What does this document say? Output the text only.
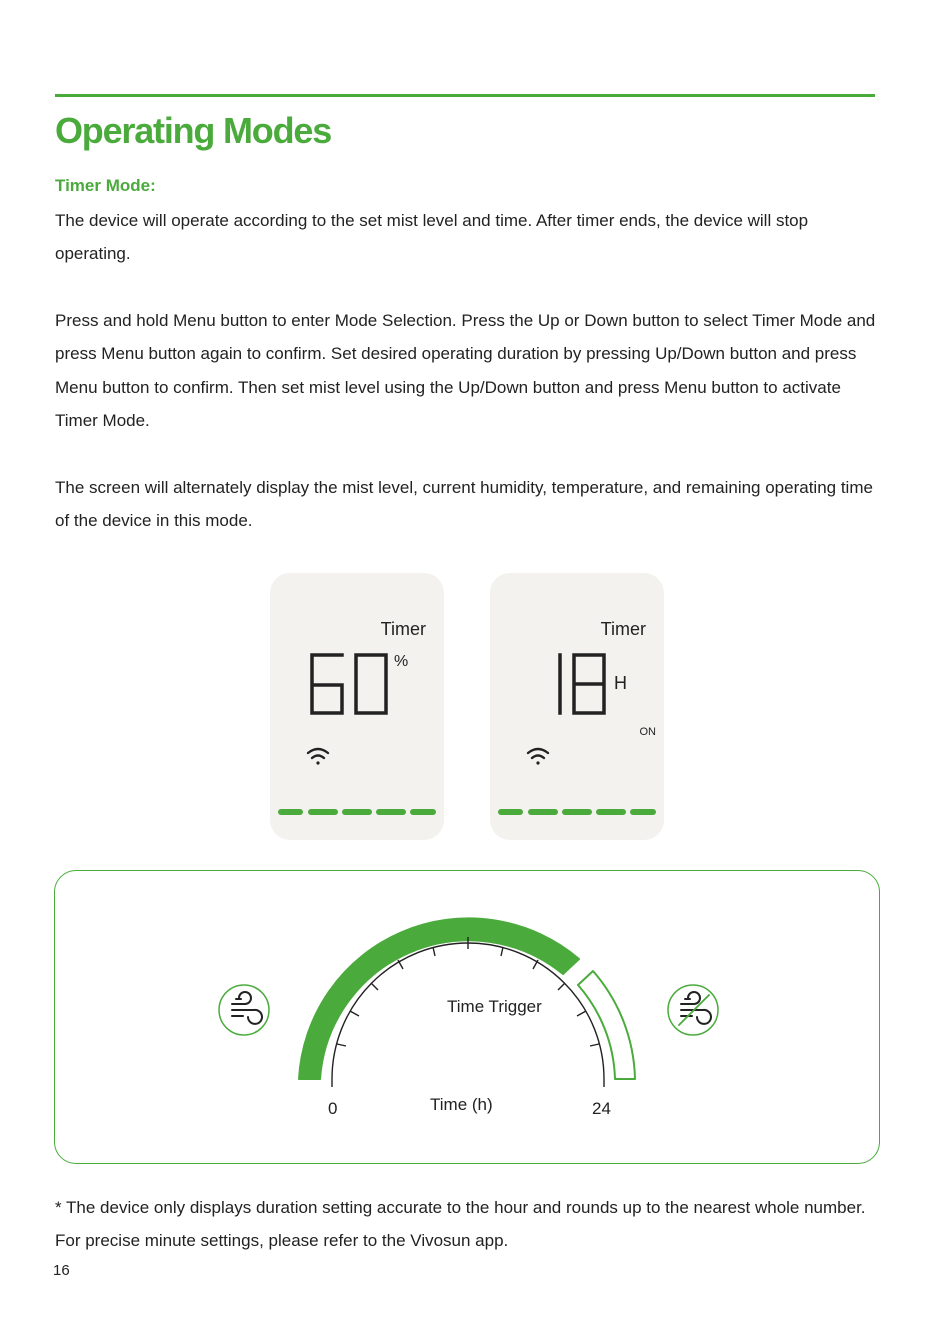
Operating Modes
Timer Mode:

The device will operate according to the set mist level and time. After timer ends, the device will stop operating.

Press and hold Menu button to enter Mode Selection. Press the Up or Down button to select Timer Mode and press Menu button again to confirm. Set desired operating duration by pressing Up/Down button and press Menu button to confirm. Then set mist level using the Up/Down button and press Menu button to activate Timer Mode.

The screen will alternately display the mist level, current humidity, temperature, and remaining operating time of the device in this mode.

Timer
%
Timer
H
ON
Time Trigger
Time (h)
0	24

* The device only displays duration setting accurate to the hour and rounds up to the nearest whole number. For precise minute settings, please refer to the Vivosun app.

16
